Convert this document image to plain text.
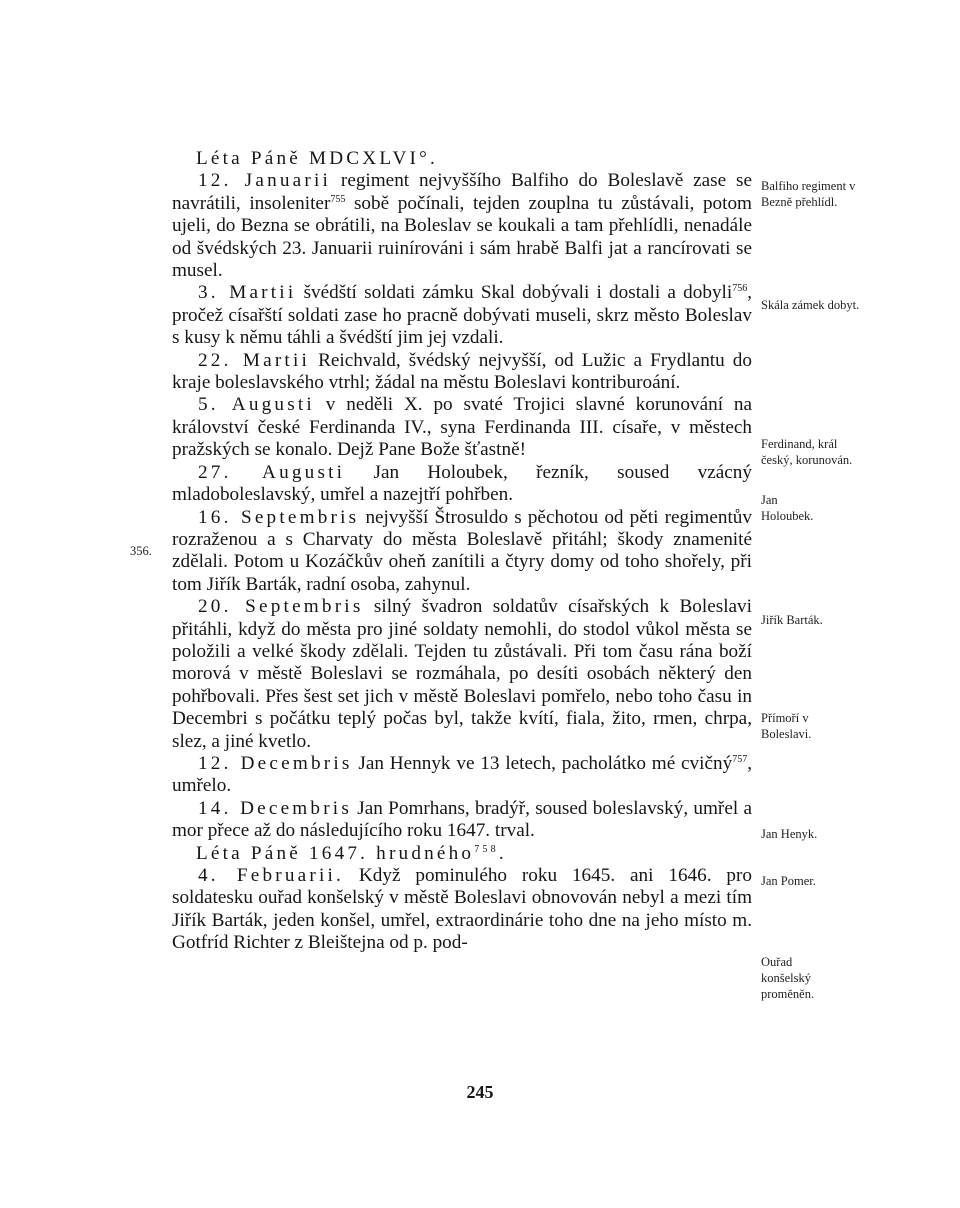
Léta Páně MDCXLVI°.
12. Januarii regiment nejvyššího Balfiho do Boleslavě zase se navrátili, insoleniter$^{755}$ sobě počínali, tejden zouplna tu zůstávali, potom ujeli, do Bezna se obrátili, na Boleslav se koukali a tam přehlídli, nenadále od švédských 23. Januarii ruinírováni i sám hrabě Balfi jat a rancírovati se musel.
3. Martii švédští soldati zámku Skal dobývali i dostali a dobyli$^{756}$, pročež císařští soldati zase ho pracně dobývati museli, skrz město Boleslav s kusy k němu táhli a švédští jim jej vzdali.
22. Martii Reichvald, švédský nejvyšší, od Lužic a Frydlantu do kraje boleslavského vtrhl; žádal na městu Boleslavi kontriburoání.
5. Augusti v neděli X. po svaté Trojici slavné korunování na království české Ferdinanda IV., syna Ferdinanda III. císaře, v městech pražských se konalo. Dejž Pane Bože šťastně!
27. Augusti Jan Holoubek, řezník, soused vzácný mladoboleslavský, umřel a nazejtří pohřben.
16. Septembris nejvyšší Štrosuldo s pěchotou od pěti regimentův rozraženou a s Charvaty do města Boleslavě přitáhl; škody znamenité zdělali. Potom u Kozáčkův oheň zanítili a čtyry domy od toho shořely, při tom Jiřík Barták, radní osoba, zahynul.
20. Septembris silný švadron soldatův císařských k Boleslavi přitáhli, když do města pro jiné soldaty nemohli, do stodol vůkol města se položili a velké škody zdělali. Tejden tu zůstávali. Při tom času rána boží morová v městě Boleslavi se rozmáhala, po desíti osobách některý den pohřbovali. Přes šest set jich v městě Boleslavi pomřelo, nebo toho času in Decembri s počátku teplý počas byl, takže kvítí, fiala, žito, rmen, chrpa, slez, a jiné kvetlo.
12. Decembris Jan Hennyk ve 13 letech, pacholátko mé cvičný$^{757}$, umřelo.
14. Decembris Jan Pomrhans, bradýř, soused boleslavský, umřel a mor přece až do následujícího roku 1647. trval.
Léta Páně 1647. hrudného$^{758}$.
4. Februarii. Když pominulého roku 1645. ani 1646. pro soldatesku ouřad konšelský v městě Boleslavi obnovován nebyl a mezi tím Jiřík Barták, jeden konšel, umřel, extraordinárie toho dne na jeho místo m. Gotfríd Richter z Bleištejna od p. pod-
Balfiho regiment v Bezně přehlídl.
Skála zámek dobyt.
Ferdinand, král český, korunován.
Jan Holoubek.
Jiřík Barták.
Přímoří v Boleslavi.
Jan Henyk.
Jan Pomer.
Ouřad konšelský proměněn.
356.
245
